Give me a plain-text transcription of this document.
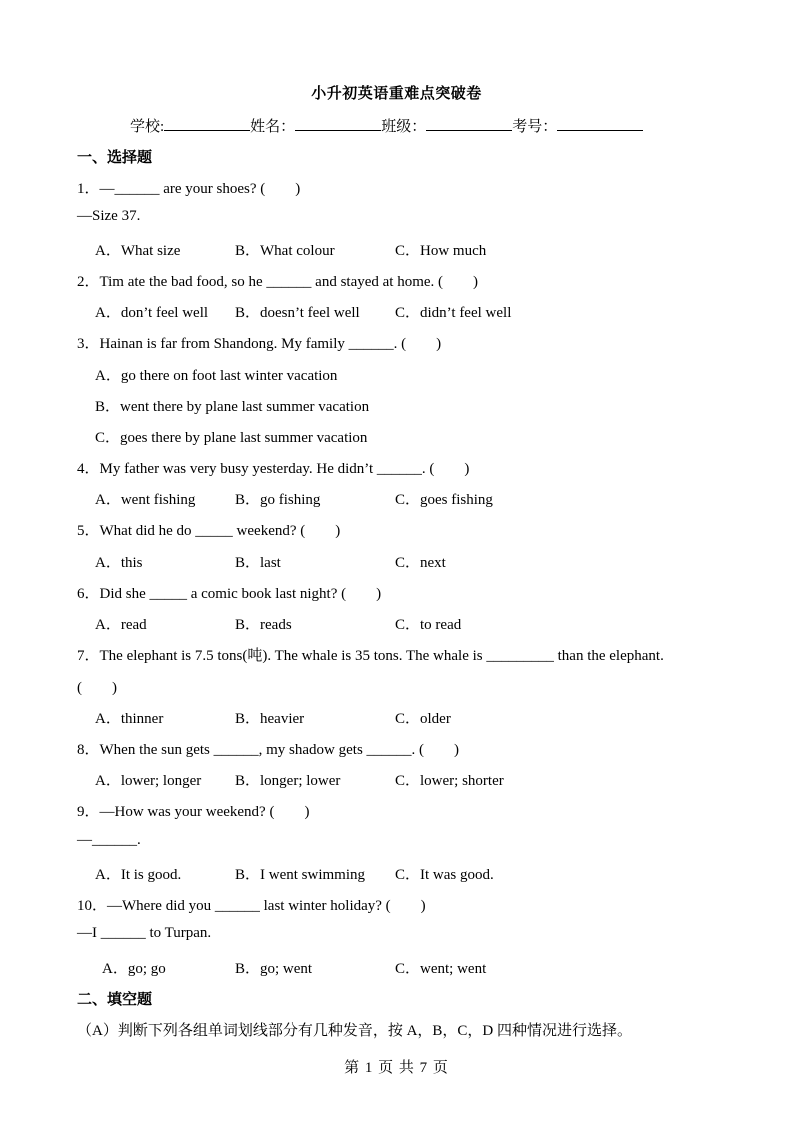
小升初英语重难点突破卷
学校:	姓名：	班级：	考号：
一、选择题
1．—______ are your shoes? (　　)
—Size 37.
A．What size	B．What colour	C．How much
2．Tim ate the bad food, so he ______ and stayed at home. (　　)
A．don’t feel well B．doesn’t feel well C．didn’t feel well
3．Hainan is far from Shandong. My family ______. (　　)
A．go there on foot last winter vacation
B．went there by plane last summer vacation
C．goes there by plane last summer vacation
4．My father was very busy yesterday. He didn’t ______. (　　)
A．went fishing	B．go fishing	C．goes fishing
5．What did he do _____ weekend? (　　)
A．this	B．last	C．next
6．Did she _____ a comic book last night? (　　)
A．read	B．reads	C．to read
7．The elephant is 7.5 tons(吨). The whale is 35 tons. The whale is _________ than the elephant.
(　　)
A．thinner	B．heavier	C．older
8．When the sun gets ______, my shadow gets ______. (　　)
A．lower; longer B．longer; lower	C．lower; shorter
9．—How was your weekend? (　　)
—______.
A．It is good.	B．I went swimming C．It was good.
10．—Where did you ______ last winter holiday? (　　)
—I ______ to Turpan.
A．go; go	B．go; went	C．went; went
二、填空题
（A）判断下列各组单词划线部分有几种发音，按 A，B，C，D 四种情况进行选择。
第 1 页 共 7 页
